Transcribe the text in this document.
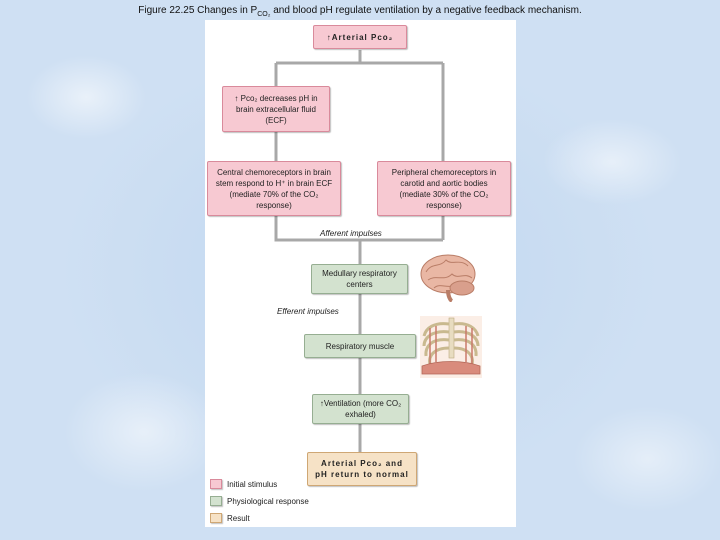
Figure 22.25 Changes in $P_{CO_2}$ and blood pH regulate ventilation by a negative feedback mechanism.
↑Arterial Pco₂
↑ Pco₂ decreases pH in brain extracellular fluid (ECF)
Central chemoreceptors in brain stem respond to H⁺ in brain ECF (mediate 70% of the CO₂ response)
Peripheral chemoreceptors in carotid and aortic bodies (mediate 30% of the CO₂ response)
Afferent impulses
Medullary respiratory centers
Efferent impulses
Respiratory muscle
↑Ventilation (more CO₂ exhaled)
Arterial Pco₂ and pH return to normal
Initial stimulus
Physiological response
Result
